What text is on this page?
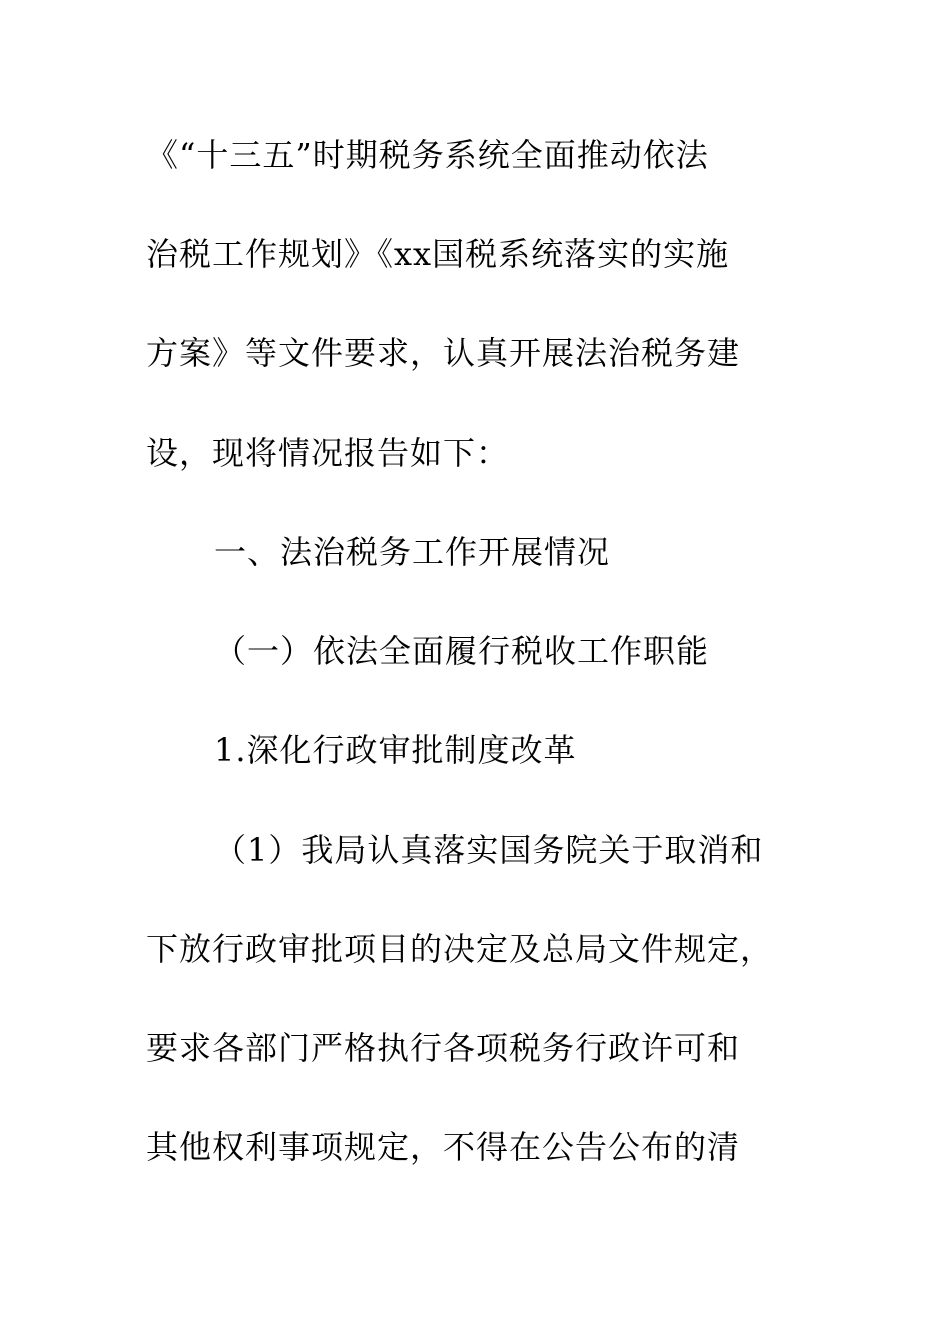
《“十三五”时期税务系统全面推动依法
治税工作规划》《xx国税系统落实的实施
方案》等文件要求，认真开展法治税务建
设，现将情况报告如下：
一、法治税务工作开展情况
（一）依法全面履行税收工作职能
1.深化行政审批制度改革
（1）我局认真落实国务院关于取消和
下放行政审批项目的决定及总局文件规定，
要求各部门严格执行各项税务行政许可和
其他权利事项规定，不得在公告公布的清
